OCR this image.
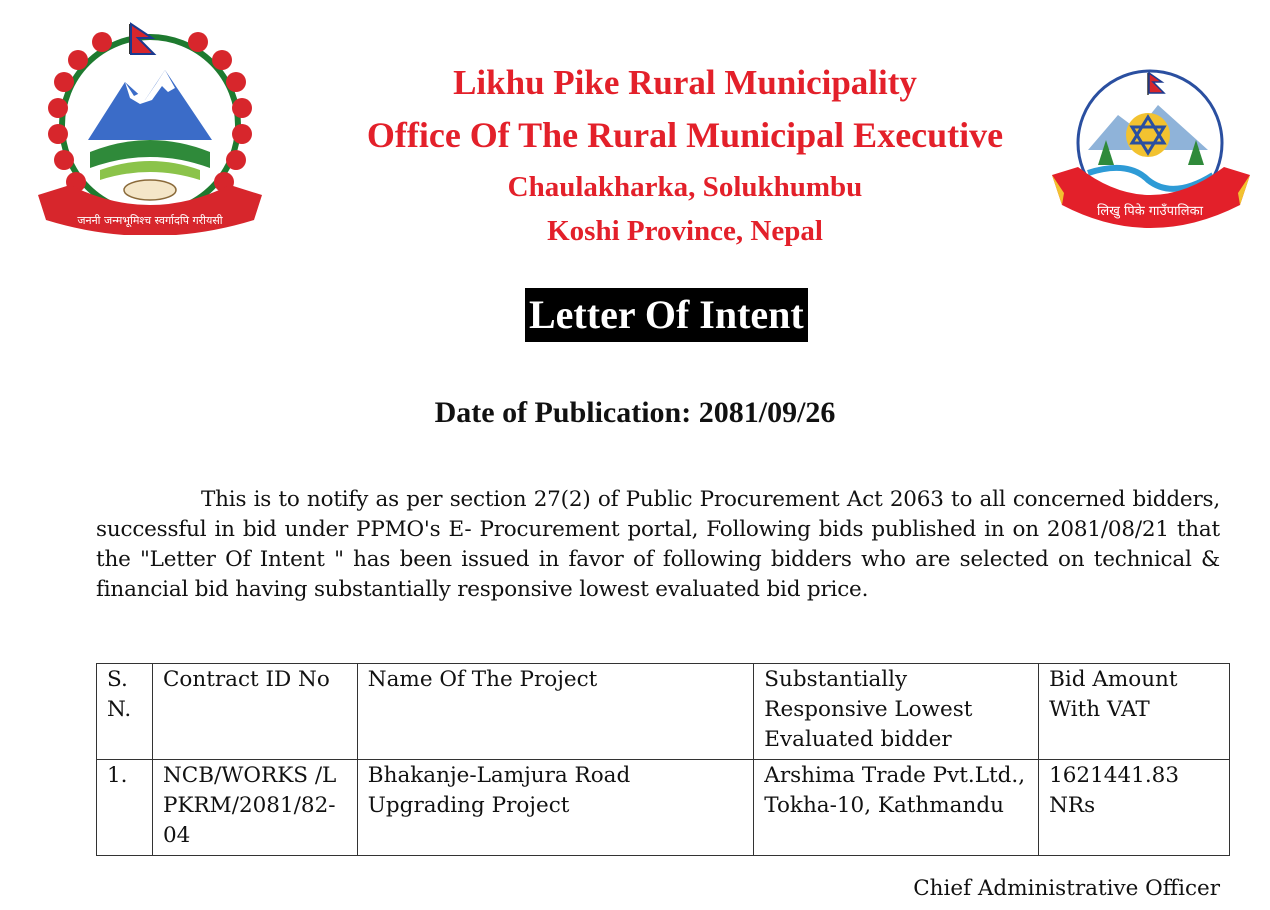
जननी जन्मभूमिश्च स्वर्गादपि गरीयसी
लिखु पिके गाउँपालिका
Likhu Pike Rural Municipality
Office Of The Rural Municipal Executive
Chaulakharka, Solukhumbu
Koshi Province, Nepal
Letter Of Intent
Date of Publication: 2081/09/26
This is to notify as per section 27(2) of Public Procurement Act 2063 to all concerned bidders, successful in bid under PPMO's E- Procurement portal, Following bids published in on 2081/08/21 that the "Letter Of Intent " has been issued in favor of following bidders who are selected on technical & financial bid having substantially responsive lowest evaluated bid price.
S. N.	Contract ID No	Name Of The Project	Substantially Responsive Lowest Evaluated bidder	Bid Amount With VAT
1.	NCB/WORKS /LPKRM/2081/82-04	Bhakanje-Lamjura Road Upgrading Project	Arshima Trade Pvt.Ltd., Tokha-10, Kathmandu	1621441.83 NRs
Chief Administrative Officer
